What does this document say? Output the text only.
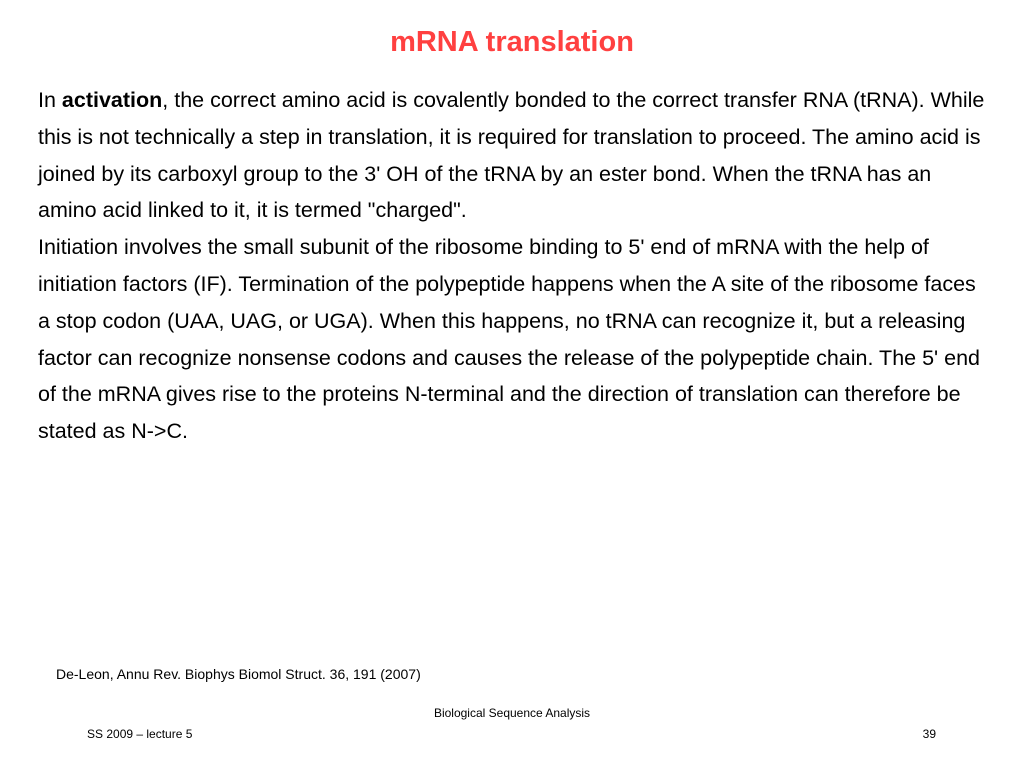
mRNA translation

In activation, the correct amino acid is covalently bonded to the correct transfer RNA (tRNA). While this is not technically a step in translation, it is required for translation to proceed. The amino acid is joined by its carboxyl group to the 3' OH of the tRNA by an ester bond. When the tRNA has an amino acid linked to it, it is termed "charged".

Initiation involves the small subunit of the ribosome binding to 5' end of mRNA with the help of initiation factors (IF). Termination of the polypeptide happens when the A site of the ribosome faces a stop codon (UAA, UAG, or UGA). When this happens, no tRNA can recognize it, but a releasing factor can recognize nonsense codons and causes the release of the polypeptide chain. The 5' end of the mRNA gives rise to the proteins N-terminal and the direction of translation can therefore be stated as N->C.

De-Leon, Annu Rev. Biophys Biomol Struct. 36, 191 (2007)
Biological Sequence Analysis
SS 2009 – lecture 5	39
